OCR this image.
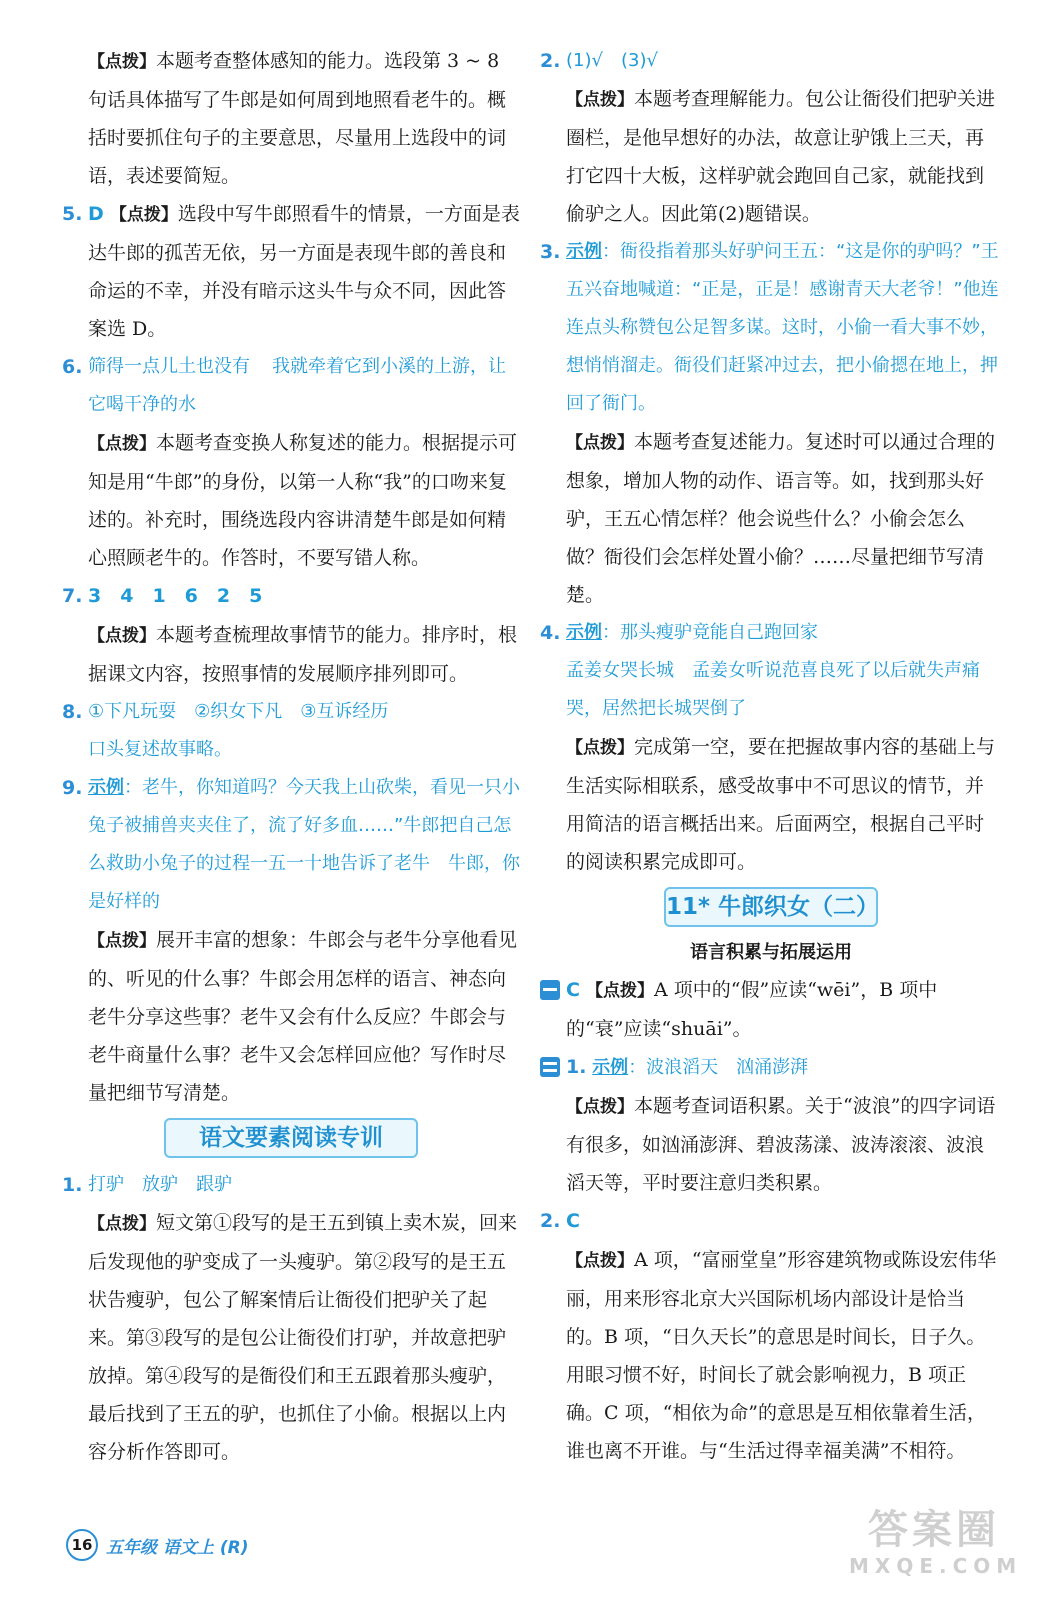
【点拨】本题考查整体感知的能力。选段第 3 ~ 8 句话具体描写了牛郎是如何周到地照看老牛的。概括时要抓住句子的主要意思，尽量用上选段中的词语，表述要简短。

5. D 【点拨】选段中写牛郎照看牛的情景，一方面是表达牛郎的孤苦无依，另一方面是表现牛郎的善良和命运的不幸，并没有暗示这头牛与众不同，因此答案选 D。

6. 筛得一点儿土也没有 我就牵着它到小溪的上游，让它喝干净的水

【点拨】本题考查变换人称复述的能力。根据提示可知是用“牛郎”的身份，以第一人称“我”的口吻来复述的。补充时，围绕选段内容讲清楚牛郎是如何精心照顾老牛的。作答时，不要写错人称。

7. 3　4　1　6　2　5

【点拨】本题考查梳理故事情节的能力。排序时，根据课文内容，按照事情的发展顺序排列即可。

8. ①下凡玩耍　②织女下凡　③互诉经历

口头复述故事略。

9. 示例：老牛，你知道吗？今天我上山砍柴，看见一只小兔子被捕兽夹夹住了，流了好多血……”牛郎把自己怎么救助小兔子的过程一五一十地告诉了老牛　牛郎，你是好样的

【点拨】展开丰富的想象：牛郎会与老牛分享他看见的、听见的什么事？牛郎会用怎样的语言、神态向老牛分享这些事？老牛又会有什么反应？牛郎会与老牛商量什么事？老牛又会怎样回应他？写作时尽量把细节写清楚。

语文要素阅读专训
1. 打驴　放驴　跟驴

【点拨】短文第①段写的是王五到镇上卖木炭，回来后发现他的驴变成了一头瘦驴。第②段写的是王五状告瘦驴，包公了解案情后让衙役们把驴关了起来。第③段写的是包公让衙役们打驴，并故意把驴放掉。第④段写的是衙役们和王五跟着那头瘦驴，最后找到了王五的驴，也抓住了小偷。根据以上内容分析作答即可。

2. (1)√　(3)√

【点拨】本题考查理解能力。包公让衙役们把驴关进圈栏，是他早想好的办法，故意让驴饿上三天，再打它四十大板，这样驴就会跑回自己家，就能找到偷驴之人。因此第(2)题错误。

3. 示例：衙役指着那头好驴问王五：“这是你的驴吗？”王五兴奋地喊道：“正是，正是！感谢青天大老爷！”他连连点头称赞包公足智多谋。这时，小偷一看大事不妙，想悄悄溜走。衙役们赶紧冲过去，把小偷摁在地上，押回了衙门。

【点拨】本题考查复述能力。复述时可以通过合理的想象，增加人物的动作、语言等。如，找到那头好驴，王五心情怎样？他会说些什么？小偷会怎么做？衙役们会怎样处置小偷？……尽量把细节写清楚。

4. 示例：那头瘦驴竟能自己跑回家

孟姜女哭长城　孟姜女听说范喜良死了以后就失声痛哭，居然把长城哭倒了

【点拨】完成第一空，要在把握故事内容的基础上与生活实际相联系，感受故事中不可思议的情节，并用简洁的语言概括出来。后面两空，根据自己平时的阅读积累完成即可。

11* 牛郎织女（二）

语言积累与拓展运用

C 【点拨】A 项中的“假”应读“wēi”，B 项中的“衰”应读“shuāi”。

1. 示例：波浪滔天　汹涌澎湃

【点拨】本题考查词语积累。关于“波浪”的四字词语有很多，如汹涌澎湃、碧波荡漾、波涛滚滚、波浪滔天等，平时要注意归类积累。

2. C

【点拨】A 项，“富丽堂皇”形容建筑物或陈设宏伟华丽，用来形容北京大兴国际机场内部设计是恰当的。B 项，“日久天长”的意思是时间长，日子久。用眼习惯不好，时间长了就会影响视力，B 项正确。C 项，“相依为命”的意思是互相依靠着生活，谁也离不开谁。与“生活过得幸福美满”不相符。

16 五年级 语文上 (R)	答案圈
MXQE.COM
